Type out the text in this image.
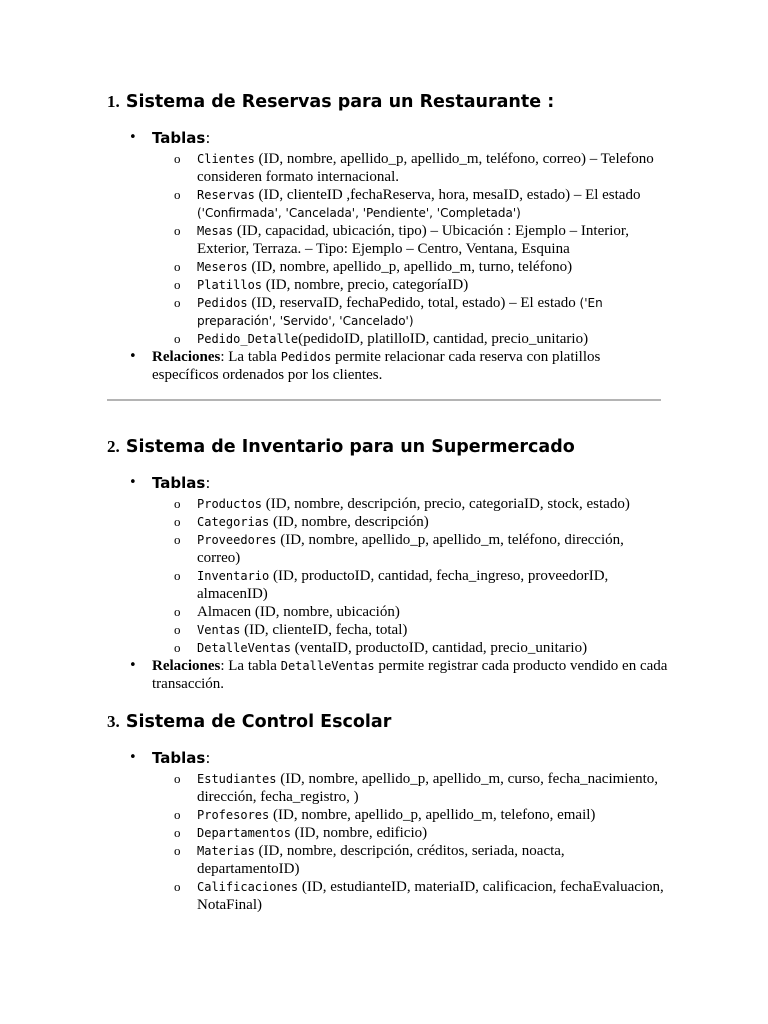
1. Sistema de Reservas para un Restaurante :
• Tablas:
o Clientes (ID, nombre, apellido_p, apellido_m, teléfono, correo) – Telefono consideren formato internacional.
o Reservas (ID, clienteID ,fechaReserva, hora, mesaID, estado) – El estado ('Confirmada', 'Cancelada', 'Pendiente', 'Completada')
o Mesas (ID, capacidad, ubicación, tipo) – Ubicación : Ejemplo – Interior, Exterior, Terraza. – Tipo: Ejemplo – Centro, Ventana, Esquina
o Meseros (ID, nombre, apellido_p, apellido_m, turno, teléfono)
o Platillos (ID, nombre, precio, categoríaID)
o Pedidos (ID, reservaID, fechaPedido, total, estado) – El estado ('En preparación', 'Servido', 'Cancelado')
o Pedido_Detalle(pedidoID, platilloID, cantidad, precio_unitario)
• Relaciones: La tabla Pedidos permite relacionar cada reserva con platillos específicos ordenados por los clientes.
2. Sistema de Inventario para un Supermercado
• Tablas:
o Productos (ID, nombre, descripción, precio, categoriaID, stock, estado)
o Categorias (ID, nombre, descripción)
o Proveedores (ID, nombre, apellido_p, apellido_m, teléfono, dirección, correo)
o Inventario (ID, productoID, cantidad, fecha_ingreso, proveedorID, almacenID)
o Almacen (ID, nombre, ubicación)
o Ventas (ID, clienteID, fecha, total)
o DetalleVentas (ventaID, productoID, cantidad, precio_unitario)
• Relaciones: La tabla DetalleVentas permite registrar cada producto vendido en cada transacción.
3. Sistema de Control Escolar
• Tablas:
o Estudiantes (ID, nombre, apellido_p, apellido_m, curso, fecha_nacimiento, dirección, fecha_registro, )
o Profesores (ID, nombre, apellido_p, apellido_m, telefono, email)
o Departamentos (ID, nombre, edificio)
o Materias (ID, nombre, descripción, créditos, seriada, noacta, departamentoID)
o Calificaciones (ID, estudianteID, materiaID, calificacion, fechaEvaluacion, NotaFinal)
